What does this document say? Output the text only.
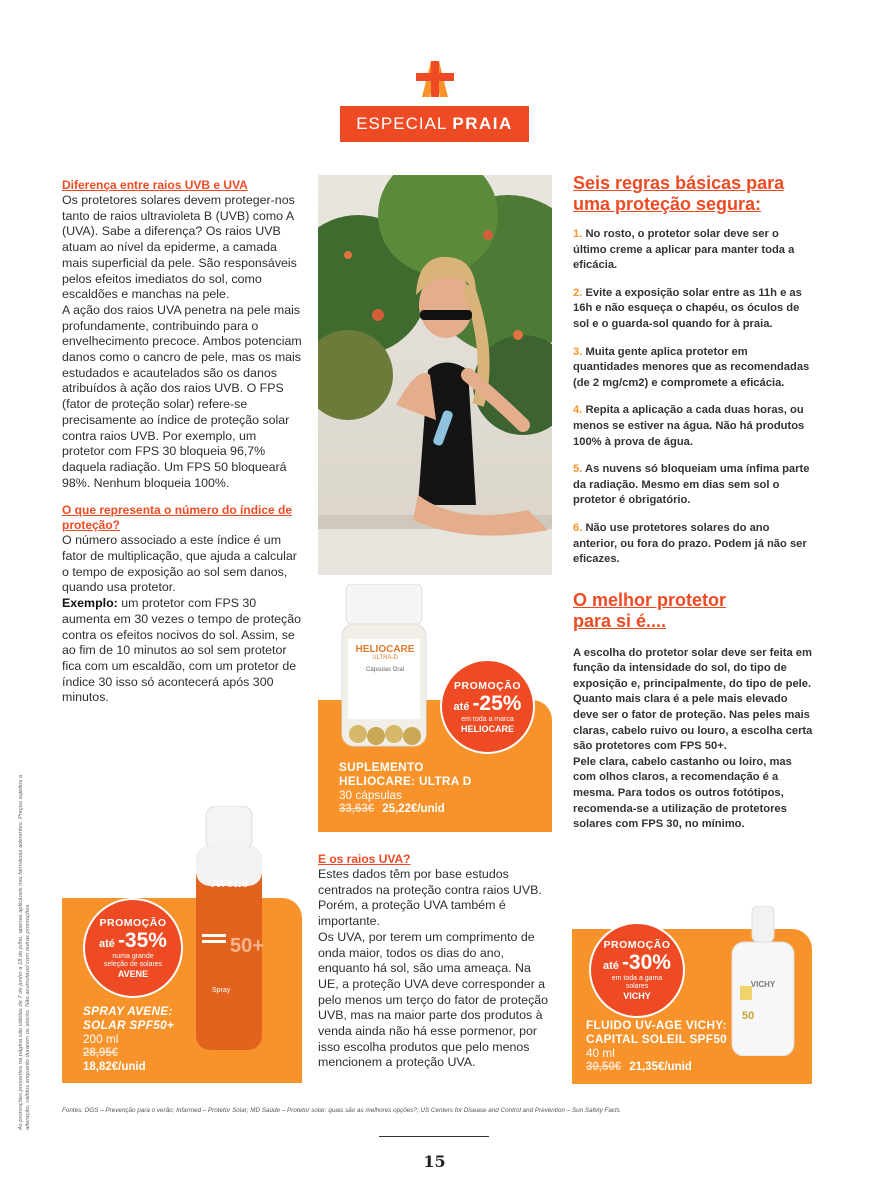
ESPECIAL PRAIA
Diferença entre raios UVB e UVA

Os protetores solares devem proteger-nos tanto de raios ultravioleta B (UVB) como A (UVA). Sabe a diferença? Os raios UVB atuam ao nível da epiderme, a camada mais superficial da pele. São responsáveis pelos efeitos imediatos do sol, como escaldões e manchas na pele.

A ação dos raios UVA penetra na pele mais profundamente, contribuindo para o envelhecimento precoce. Ambos potenciam danos como o cancro de pele, mas os mais estudados e acautelados são os danos atribuídos à ação dos raios UVB. O FPS (fator de proteção solar) refere-se precisamente ao índice de proteção solar contra raios UVB. Por exemplo, um protetor com FPS 30 bloqueia 96,7% daquela radiação. Um FPS 50 bloqueará 98%. Nenhum bloqueia 100%.

O que representa o número do índice de proteção?

O número associado a este índice é um fator de multiplicação, que ajuda a calcular o tempo de exposição ao sol sem danos, quando usa protetor.

Exemplo: um protetor com FPS 30 aumenta em 30 vezes o tempo de proteção contra os efeitos nocivos do sol. Assim, se ao fim de 10 minutos ao sol sem protetor fica com um escaldão, com um protetor de índice 30 isso só acontecerá após 300 minutos.

HELIOCARE
ULTRA-D
Cápsulas Oral
PROMOÇÃO
até -25%
em toda a marca
HELIOCARE
SUPLEMENTO HELIOCARE: ULTRA D
30 cápsulas
33,63€ 25,22€/unid
E os raios UVA?

Estes dados têm por base estudos centrados na proteção contra raios UVB. Porém, a proteção UVA também é importante.

Os UVA, por terem um comprimento de onda maior, todos os dias do ano, enquanto há sol, são uma ameaça. Na UE, a proteção UVA deve corresponder a pelo menos um terço do fator de proteção UVB, mas na maior parte dos produtos à venda ainda não há esse pormenor, por isso escolha produtos que pelo menos mencionem a proteção UVA.

Seis regras básicas para uma proteção segura:

1. No rosto, o protetor solar deve ser o último creme a aplicar para manter toda a eficácia.

2. Evite a exposição solar entre as 11h e as 16h e não esqueça o chapéu, os óculos de sol e o guarda-sol quando for à praia.

3. Muita gente aplica protetor em quantidades menores que as recomendadas (de 2 mg/cm2) e compromete a eficácia.

4. Repita a aplicação a cada duas horas, ou menos se estiver na água. Não há produtos 100% à prova de água.

5. As nuvens só bloqueiam uma ínfima parte da radiação. Mesmo em dias sem sol o protetor é obrigatório.

6. Não use protetores solares do ano anterior, ou fora do prazo. Podem já não ser eficazes.

O melhor protetor para si é....

A escolha do protetor solar deve ser feita em função da intensidade do sol, do tipo de exposição e, principalmente, do tipo de pele. Quanto mais clara é a pele mais elevado deve ser o fator de proteção. Nas peles mais claras, cabelo ruivo ou louro, a escolha certa são protetores com FPS 50+.

Pele clara, cabelo castanho ou loiro, mas com olhos claros, a recomendação é a mesma. Para todos os outros fotótipos, recomenda-se a utilização de protetores solares com FPS 30, no mínimo.

Avène
50+
Spray
PROMOÇÃO
até -35%
numa grande seleção de solares
AVENE
SPRAY AVENE: SOLAR SPF50+
200 ml
28,95€
18,82€/unid
VICHY
50
PROMOÇÃO
até -30%
em toda a gama solares
VICHY
FLUIDO UV-AGE VICHY: CAPITAL SOLEIL SPF50
40 ml
30,50€ 21,35€/unid
As promoções presentes na página são válidas de 7 de junho a 18 de julho, apenas aplicáveis nas farmácias aderentes. Preços sujeitos a alteração, válidos enquanto durarem os stocks. Não acumulável com outras promoções.	Fontes: DGS – Prevenção para o verão; Infarmed – Protetor Solar; MD Saúde – Protetor solar: quais são as melhores opções?; US Centers for Disease and Control and Prevention – Sun Safety Facts
15
